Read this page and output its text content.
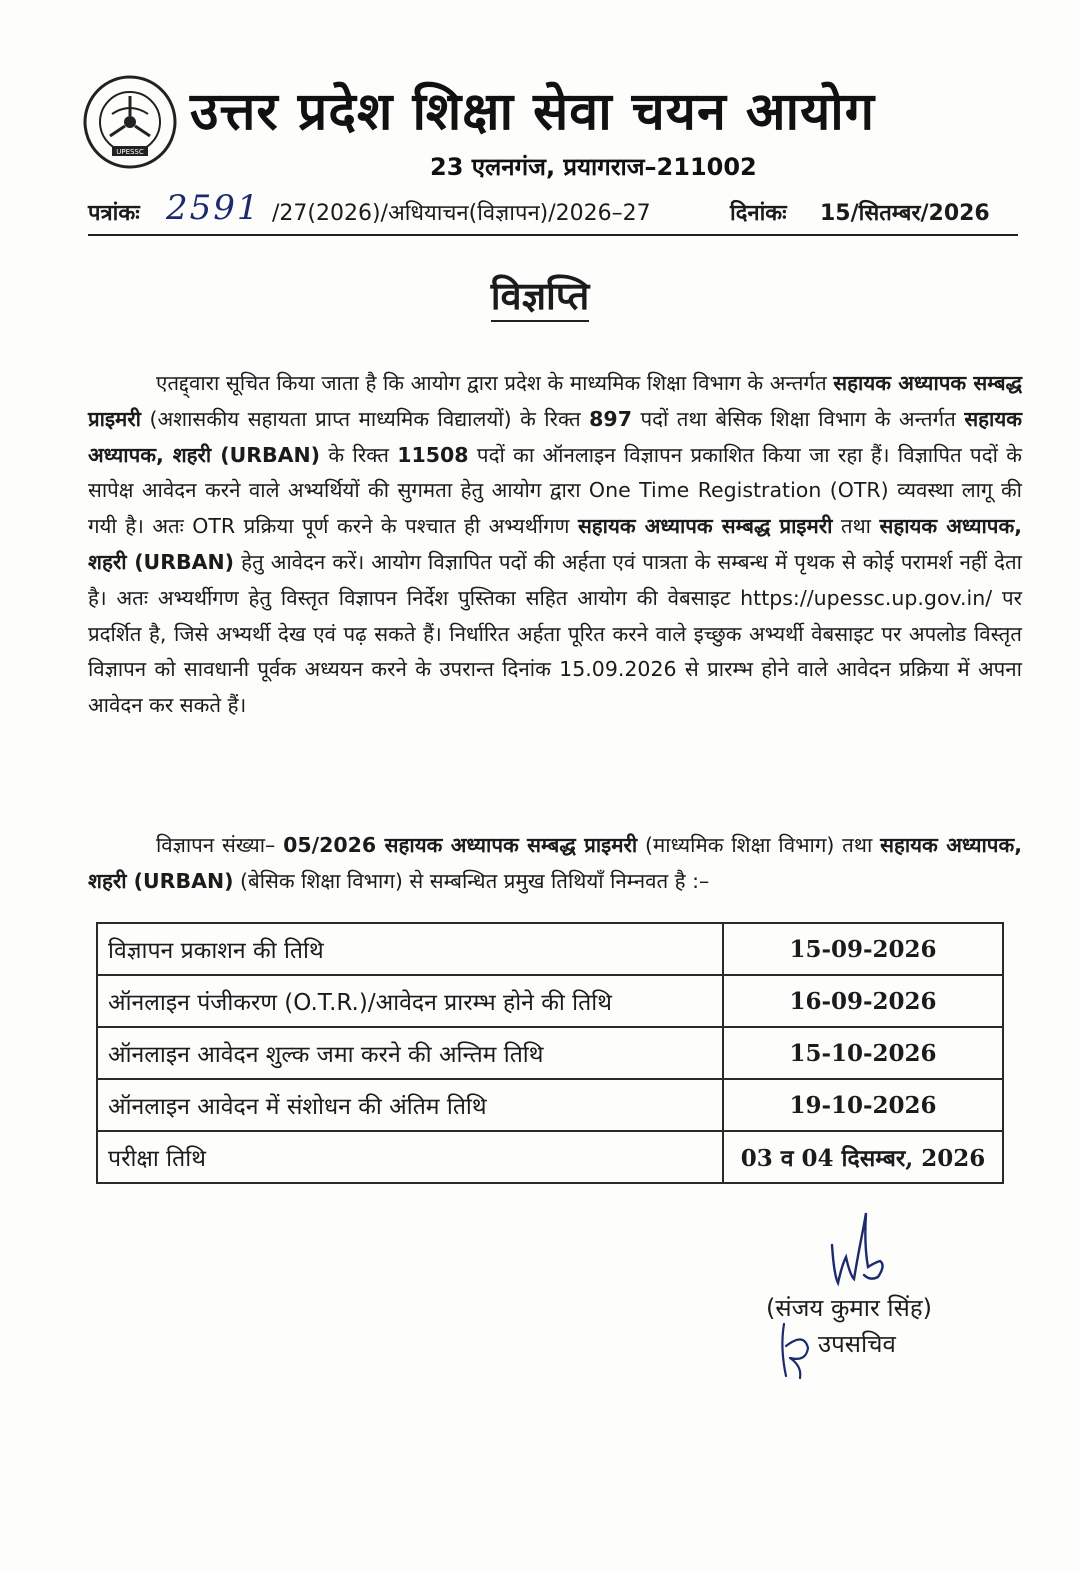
UPESSC
उत्तर प्रदेश शिक्षा सेवा चयन आयोग
23 एलनगंज, प्रयागराज–211002
पत्रांकः 2591 /27(2026)/अधियाचन(विज्ञापन)/2026–27	दिनांकः 15/सितम्बर/2026
विज्ञप्ति
एतद्द्वारा सूचित किया जाता है कि आयोग द्वारा प्रदेश के माध्यमिक शिक्षा विभाग के अन्तर्गत सहायक अध्यापक सम्बद्ध प्राइमरी (अशासकीय सहायता प्राप्त माध्यमिक विद्यालयों) के रिक्त 897 पदों तथा बेसिक शिक्षा विभाग के अन्तर्गत सहायक अध्यापक, शहरी (URBAN) के रिक्त 11508 पदों का ऑनलाइन विज्ञापन प्रकाशित किया जा रहा हैं। विज्ञापित पदों के सापेक्ष आवेदन करने वाले अभ्यर्थियों की सुगमता हेतु आयोग द्वारा One Time Registration (OTR) व्यवस्था लागू की गयी है। अतः OTR प्रक्रिया पूर्ण करने के पश्चात ही अभ्यर्थीगण सहायक अध्यापक सम्बद्ध प्राइमरी तथा सहायक अध्यापक, शहरी (URBAN) हेतु आवेदन करें। आयोग विज्ञापित पदों की अर्हता एवं पात्रता के सम्बन्ध में पृथक से कोई परामर्श नहीं देता है। अतः अभ्यर्थीगण हेतु विस्तृत विज्ञापन निर्देश पुस्तिका सहित आयोग की वेबसाइट https://upessc.up.gov.in/ पर प्रदर्शित है, जिसे अभ्यर्थी देख एवं पढ़ सकते हैं। निर्धारित अर्हता पूरित करने वाले इच्छुक अभ्यर्थी वेबसाइट पर अपलोड विस्तृत विज्ञापन को सावधानी पूर्वक अध्ययन करने के उपरान्त दिनांक 15.09.2026 से प्रारम्भ होने वाले आवेदन प्रक्रिया में अपना आवेदन कर सकते हैं।
विज्ञापन संख्या– 05/2026 सहायक अध्यापक सम्बद्ध प्राइमरी (माध्यमिक शिक्षा विभाग) तथा सहायक अध्यापक, शहरी (URBAN) (बेसिक शिक्षा विभाग) से सम्बन्धित प्रमुख तिथियाँ निम्नवत है :–
विज्ञापन प्रकाशन की तिथि	15-09-2026
ऑनलाइन पंजीकरण (O.T.R.)/आवेदन प्रारम्भ होने की तिथि	16-09-2026
ऑनलाइन आवेदन शुल्क जमा करने की अन्तिम तिथि	15-10-2026
ऑनलाइन आवेदन में संशोधन की अंतिम तिथि	19-10-2026
परीक्षा तिथि	03 व 04 दिसम्बर, 2026
(संजय कुमार सिंह)
उपसचिव
